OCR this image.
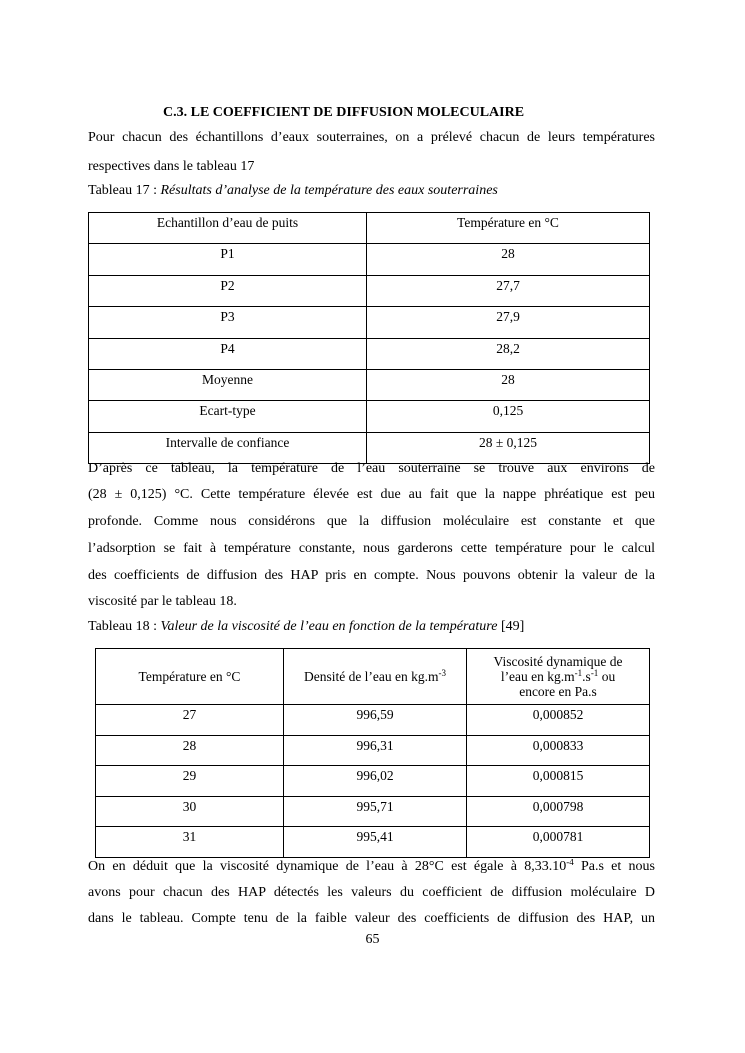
C.3. LE COEFFICIENT DE DIFFUSION MOLECULAIRE
Pour chacun des échantillons d’eaux souterraines, on a prélevé chacun de leurs températures
respectives dans le tableau 17
Tableau 17 : Résultats d’analyse de la température des eaux souterraines
Echantillon d’eau de puits	Température en °C
P1	28
P2	27,7
P3	27,9
P4	28,2
Moyenne	28
Ecart-type	0,125
Intervalle de confiance	28 ± 0,125
D’après ce tableau, la température de l’eau souterraine se trouve aux environs de
(28 ± 0,125) °C. Cette température élevée est due au fait que la nappe phréatique est peu
profonde. Comme nous considérons que la diffusion moléculaire est constante et que
l’adsorption se fait à température constante, nous garderons cette température pour le calcul
des coefficients de diffusion des HAP pris en compte. Nous pouvons obtenir la valeur de la
viscosité par le tableau 18.
Tableau 18 : Valeur de la viscosité de l’eau en fonction de la température [49]
Température en °C	Densité de l’eau en $kg.m^{-3}$	Viscosité dynamique de
l’eau en $kg.m^{-1}.s^{-1}$ ou
encore en Pa.s

27	996,59	0,000852
28	996,31	0,000833
29	996,02	0,000815
30	995,71	0,000798
31	995,41	0,000781
On en déduit que la viscosité dynamique de l’eau à 28°C est égale à $8,33.10^{-4}$ Pa.s et nous
avons pour chacun des HAP détectés les valeurs du coefficient de diffusion moléculaire D
dans le tableau. Compte tenu de la faible valeur des coefficients de diffusion des HAP, un
65
